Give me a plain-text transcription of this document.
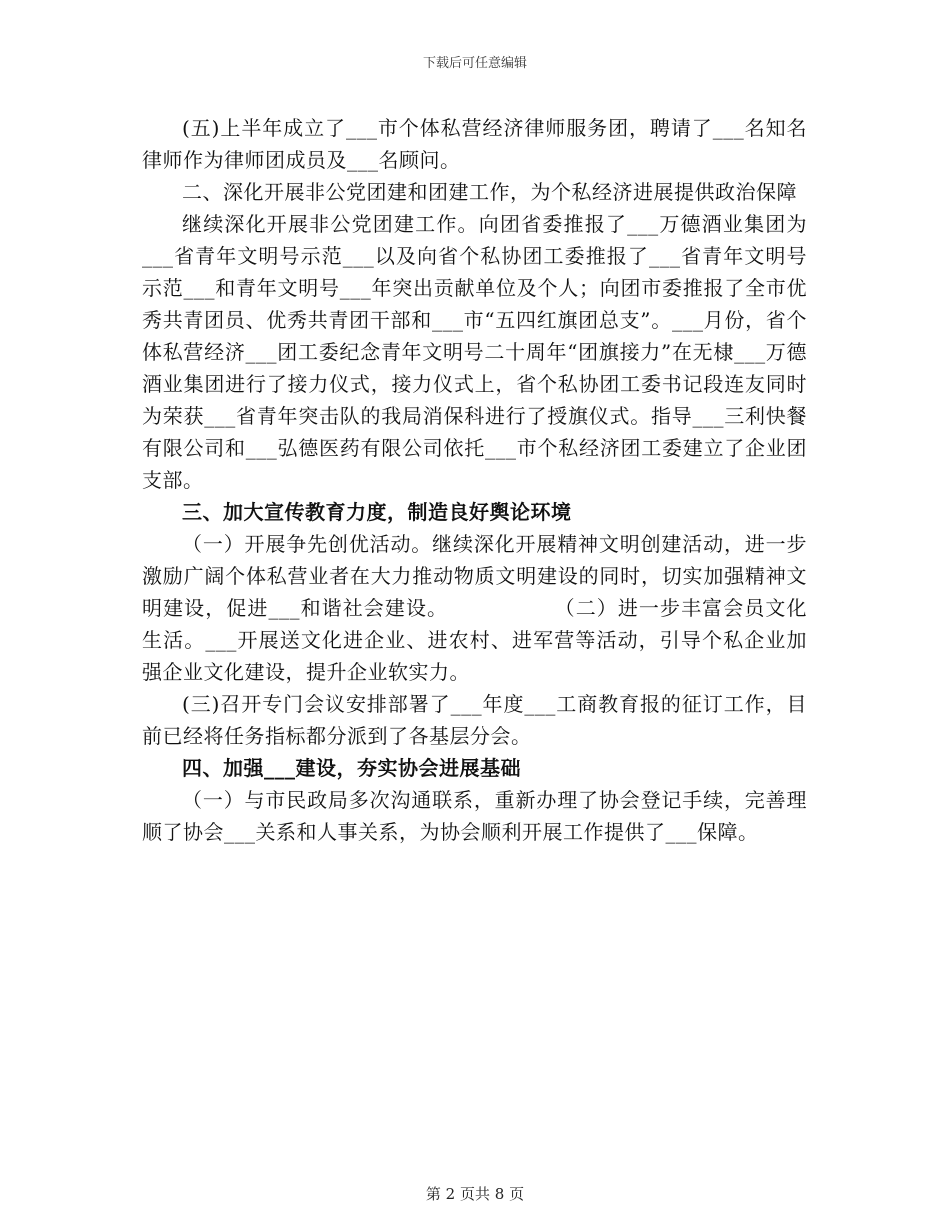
下载后可任意编辑

(五)上半年成立了___市个体私营经济律师服务团，聘请了___名知名律师作为律师团成员及___名顾问。

二、深化开展非公党团建和团建工作，为个私经济进展提供政治保障

继续深化开展非公党团建工作。向团省委推报了___万德酒业集团为___省青年文明号示范___以及向省个私协团工委推报了___省青年文明号示范___和青年文明号___年突出贡献单位及个人；向团市委推报了全市优秀共青团员、优秀共青团干部和___市“五四红旗团总支”。___月份，省个体私营经济___团工委纪念青年文明号二十周年“团旗接力”在无棣___万德酒业集团进行了接力仪式，接力仪式上，省个私协团工委书记段连友同时为荣获___省青年突击队的我局消保科进行了授旗仪式。指导___三利快餐有限公司和___弘德医药有限公司依托___市个私经济团工委建立了企业团支部。

三、加大宣传教育力度，制造良好舆论环境

（一）开展争先创优活动。继续深化开展精神文明创建活动，进一步激励广阔个体私营业者在大力推动物质文明建设的同时，切实加强精神文明建设，促进___和谐社会建设。　　　　　　（二）进一步丰富会员文化生活。___开展送文化进企业、进农村、进军营等活动，引导个私企业加强企业文化建设，提升企业软实力。

(三)召开专门会议安排部署了___年度___工商教育报的征订工作，目前已经将任务指标都分派到了各基层分会。

四、加强___建设，夯实协会进展基础

（一）与市民政局多次沟通联系，重新办理了协会登记手续，完善理顺了协会___关系和人事关系，为协会顺利开展工作提供了___保障。

第 2 页共 8 页
